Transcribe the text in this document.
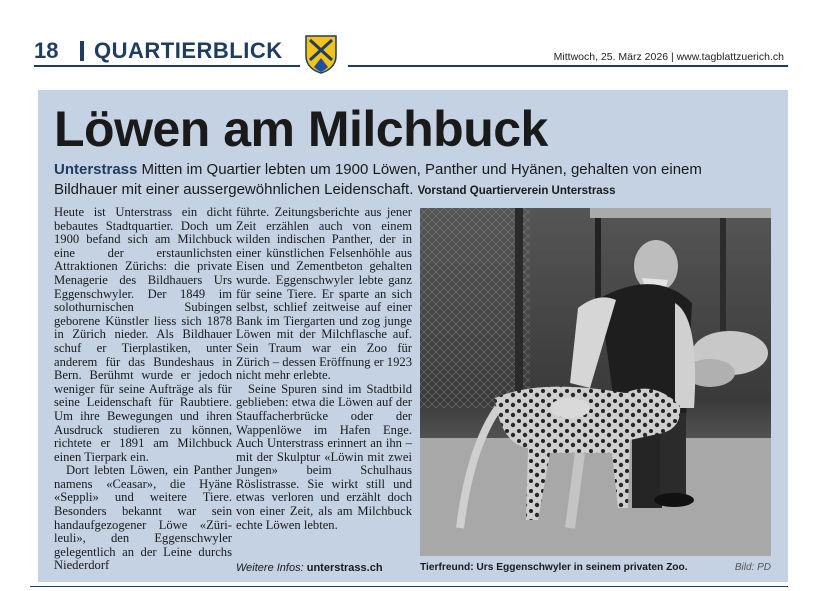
18 QUARTIERBLICK	Mittwoch, 25. März 2026 | www.tagblattzuerich.ch
Löwen am Milchbuck
Unterstrass Mitten im Quartier lebten um 1900 Löwen, Panther und Hyänen, gehalten von einem Bildhauer mit einer aussergewöhnlichen Leidenschaft. Vorstand Quartierverein Unterstrass

Heute ist Unterstrass ein dicht bebautes Stadtquartier. Doch um 1900 befand sich am Milchbuck eine der erstaunlichsten Attraktionen Zürichs: die private Menagerie des Bildhauers Urs Eggenschwyler. Der 1849 im solothurnischen Subingen geborene Künstler liess sich 1878 in Zürich nieder. Als Bildhauer schuf er Tierplastiken, unter anderem für das Bundeshaus in Bern. Berühmt wurde er jedoch weniger für seine Aufträge als für seine Leidenschaft für Raubtiere. Um ihre Bewegungen und ihren Ausdruck studieren zu können, richtete er 1891 am Milchbuck einen Tierpark ein.

Dort lebten Löwen, ein Panther namens «Ceasar», die Hyäne «Seppli» und weitere Tiere. Besonders bekannt war sein handaufgezogener Löwe «Zürileuli», den Eggenschwyler gelegentlich an der Leine durchs Niederdorf

führte. Zeitungsberichte aus jener Zeit erzählen auch von einem wilden indischen Panther, der in einer künstlichen Felsenhöhle aus Eisen und Zementbeton gehalten wurde. Eggenschwyler lebte ganz für seine Tiere. Er sparte an sich selbst, schlief zeitweise auf einer Bank im Tiergarten und zog junge Löwen mit der Milchflasche auf. Sein Traum war ein Zoo für Zürich – dessen Eröffnung er 1923 nicht mehr erlebte.

Seine Spuren sind im Stadtbild geblieben: etwa die Löwen auf der Stauffacherbrücke oder der Wappenlöwe im Hafen Enge. Auch Unterstrass erinnert an ihn – mit der Skulptur «Löwin mit zwei Jungen» beim Schulhaus Röslistrasse. Sie wirkt still und etwas verloren und erzählt doch von einer Zeit, als am Milchbuck echte Löwen lebten.

Weitere Infos: unterstrass.ch	Tierfreund: Urs Eggenschwyler in seinem privaten Zoo.	Bild: PD
